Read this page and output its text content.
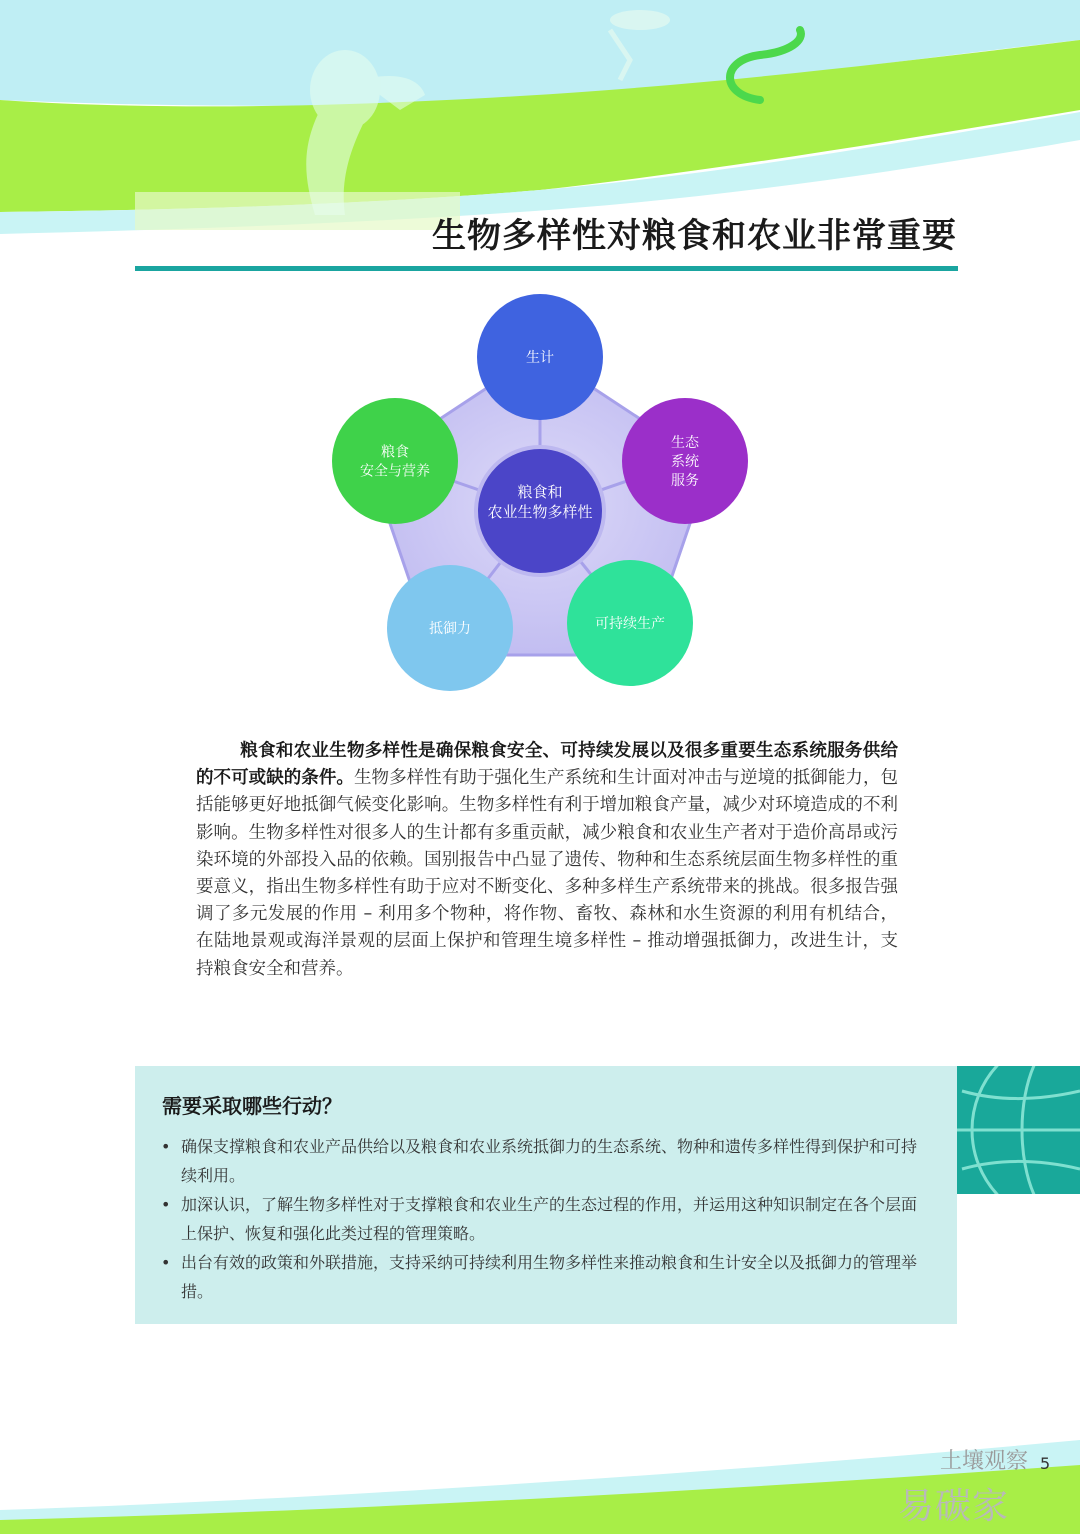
生物多样性对粮食和农业非常重要
生计
生态
系统
服务
可持续生产
抵御力
粮食
安全与营养
粮食和
农业生物多样性
粮食和农业生物多样性是确保粮食安全、可持续发展以及很多重要生态系统服务供给的不可或缺的条件。生物多样性有助于强化生产系统和生计面对冲击与逆境的抵御能力，包括能够更好地抵御气候变化影响。生物多样性有利于增加粮食产量，减少对环境造成的不利影响。生物多样性对很多人的生计都有多重贡献，减少粮食和农业生产者对于造价高昂或污染环境的外部投入品的依赖。国别报告中凸显了遗传、物种和生态系统层面生物多样性的重要意义，指出生物多样性有助于应对不断变化、多种多样生产系统带来的挑战。很多报告强调了多元发展的作用 – 利用多个物种，将作物、畜牧、森林和水生资源的利用有机结合，在陆地景观或海洋景观的层面上保护和管理生境多样性 – 推动增强抵御力，改进生计，支持粮食安全和营养。
需要采取哪些行动？
• 确保支撑粮食和农业产品供给以及粮食和农业系统抵御力的生态系统、物种和遗传多样性得到保护和可持续利用。
• 加深认识，了解生物多样性对于支撑粮食和农业生产的生态过程的作用，并运用这种知识制定在各个层面上保护、恢复和强化此类过程的管理策略。
• 出台有效的政策和外联措施，支持采纳可持续利用生物多样性来推动粮食和生计安全以及抵御力的管理举措。
土壤观察
易碳家
5
